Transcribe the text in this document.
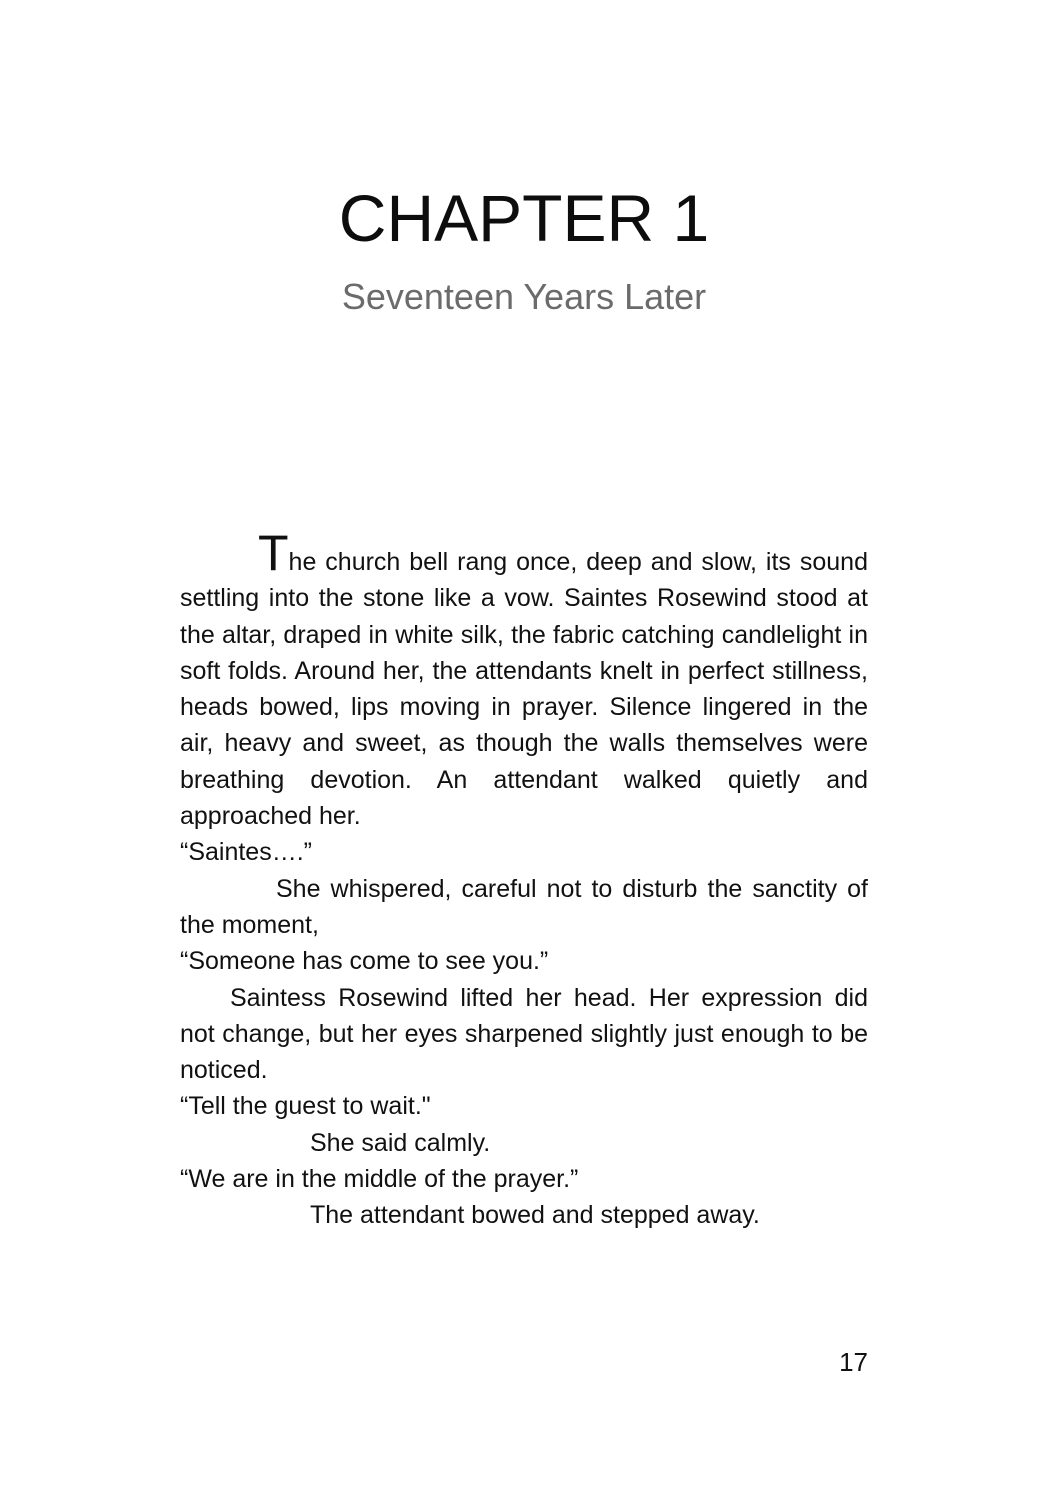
CHAPTER 1
Seventeen Years Later

The church bell rang once, deep and slow, its sound settling into the stone like a vow. Saintes Rosewind stood at the altar, draped in white silk, the fabric catching candlelight in soft folds. Around her, the attendants knelt in perfect stillness, heads bowed, lips moving in prayer. Silence lingered in the air, heavy and sweet, as though the walls themselves were breathing devotion. An attendant walked quietly and approached her.

“Saintes….”

She whispered, careful not to disturb the sanctity of the moment,

“Someone has come to see you.”

Saintess Rosewind lifted her head. Her expression did not change, but her eyes sharpened slightly just enough to be noticed.

“Tell the guest to wait."

She said calmly.

“We are in the middle of the prayer.”

The attendant bowed and stepped away.

17
